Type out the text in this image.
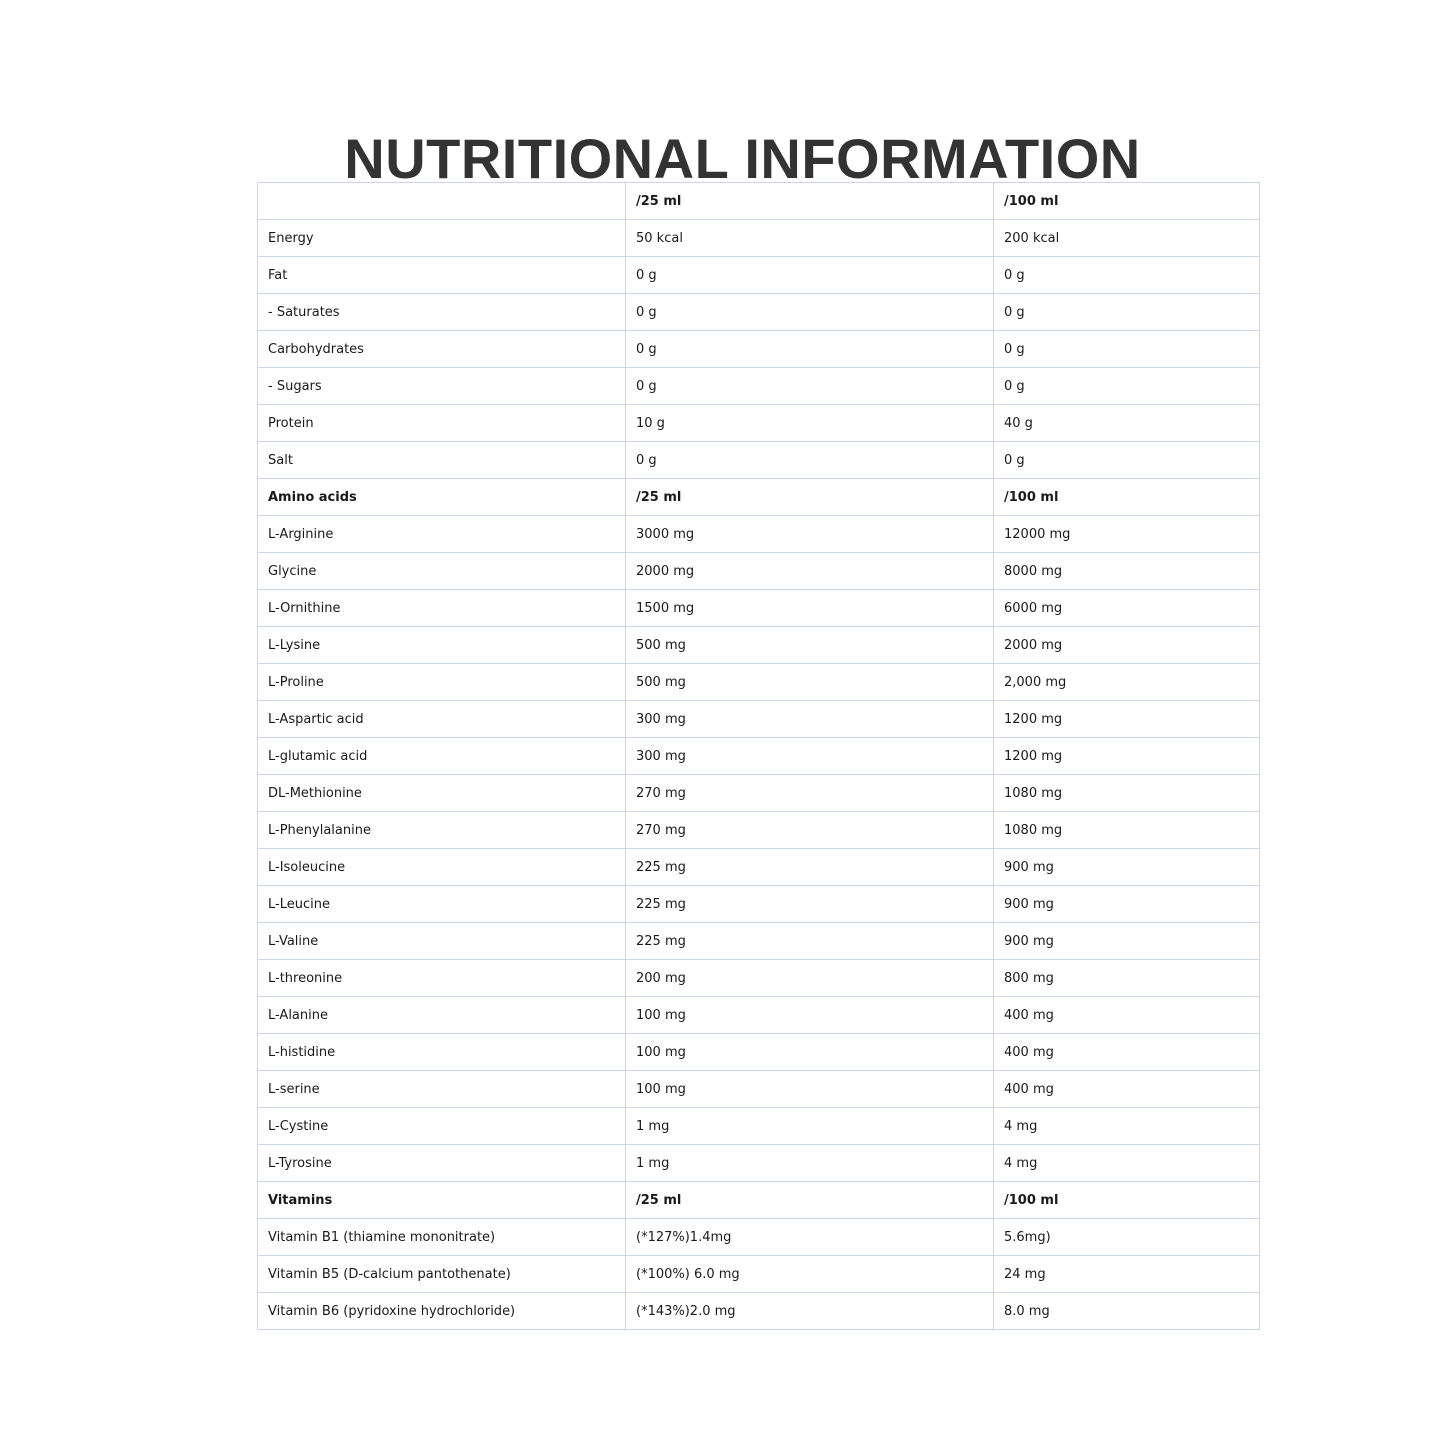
NUTRITIONAL INFORMATION
	/25 ml	/100 ml
Energy	50 kcal	200 kcal
Fat	0 g	0 g
- Saturates	0 g	0 g
Carbohydrates	0 g	0 g
- Sugars	0 g	0 g
Protein	10 g	40 g
Salt	0 g	0 g
Amino acids	/25 ml	/100 ml
L-Arginine	3000 mg	12000 mg
Glycine	2000 mg	8000 mg
L-Ornithine	1500 mg	6000 mg
L-Lysine	500 mg	2000 mg
L-Proline	500 mg	2,000 mg
L-Aspartic acid	300 mg	1200 mg
L-glutamic acid	300 mg	1200 mg
DL-Methionine	270 mg	1080 mg
L-Phenylalanine	270 mg	1080 mg
L-Isoleucine	225 mg	900 mg
L-Leucine	225 mg	900 mg
L-Valine	225 mg	900 mg
L-threonine	200 mg	800 mg
L-Alanine	100 mg	400 mg
L-histidine	100 mg	400 mg
L-serine	100 mg	400 mg
L-Cystine	1 mg	4 mg
L-Tyrosine	1 mg	4 mg
Vitamins	/25 ml	/100 ml
Vitamin B1 (thiamine mononitrate)	(*127%)1.4mg	5.6mg)
Vitamin B5 (D-calcium pantothenate)	(*100%) 6.0 mg	24 mg
Vitamin B6 (pyridoxine hydrochloride)	(*143%)2.0 mg	8.0 mg
